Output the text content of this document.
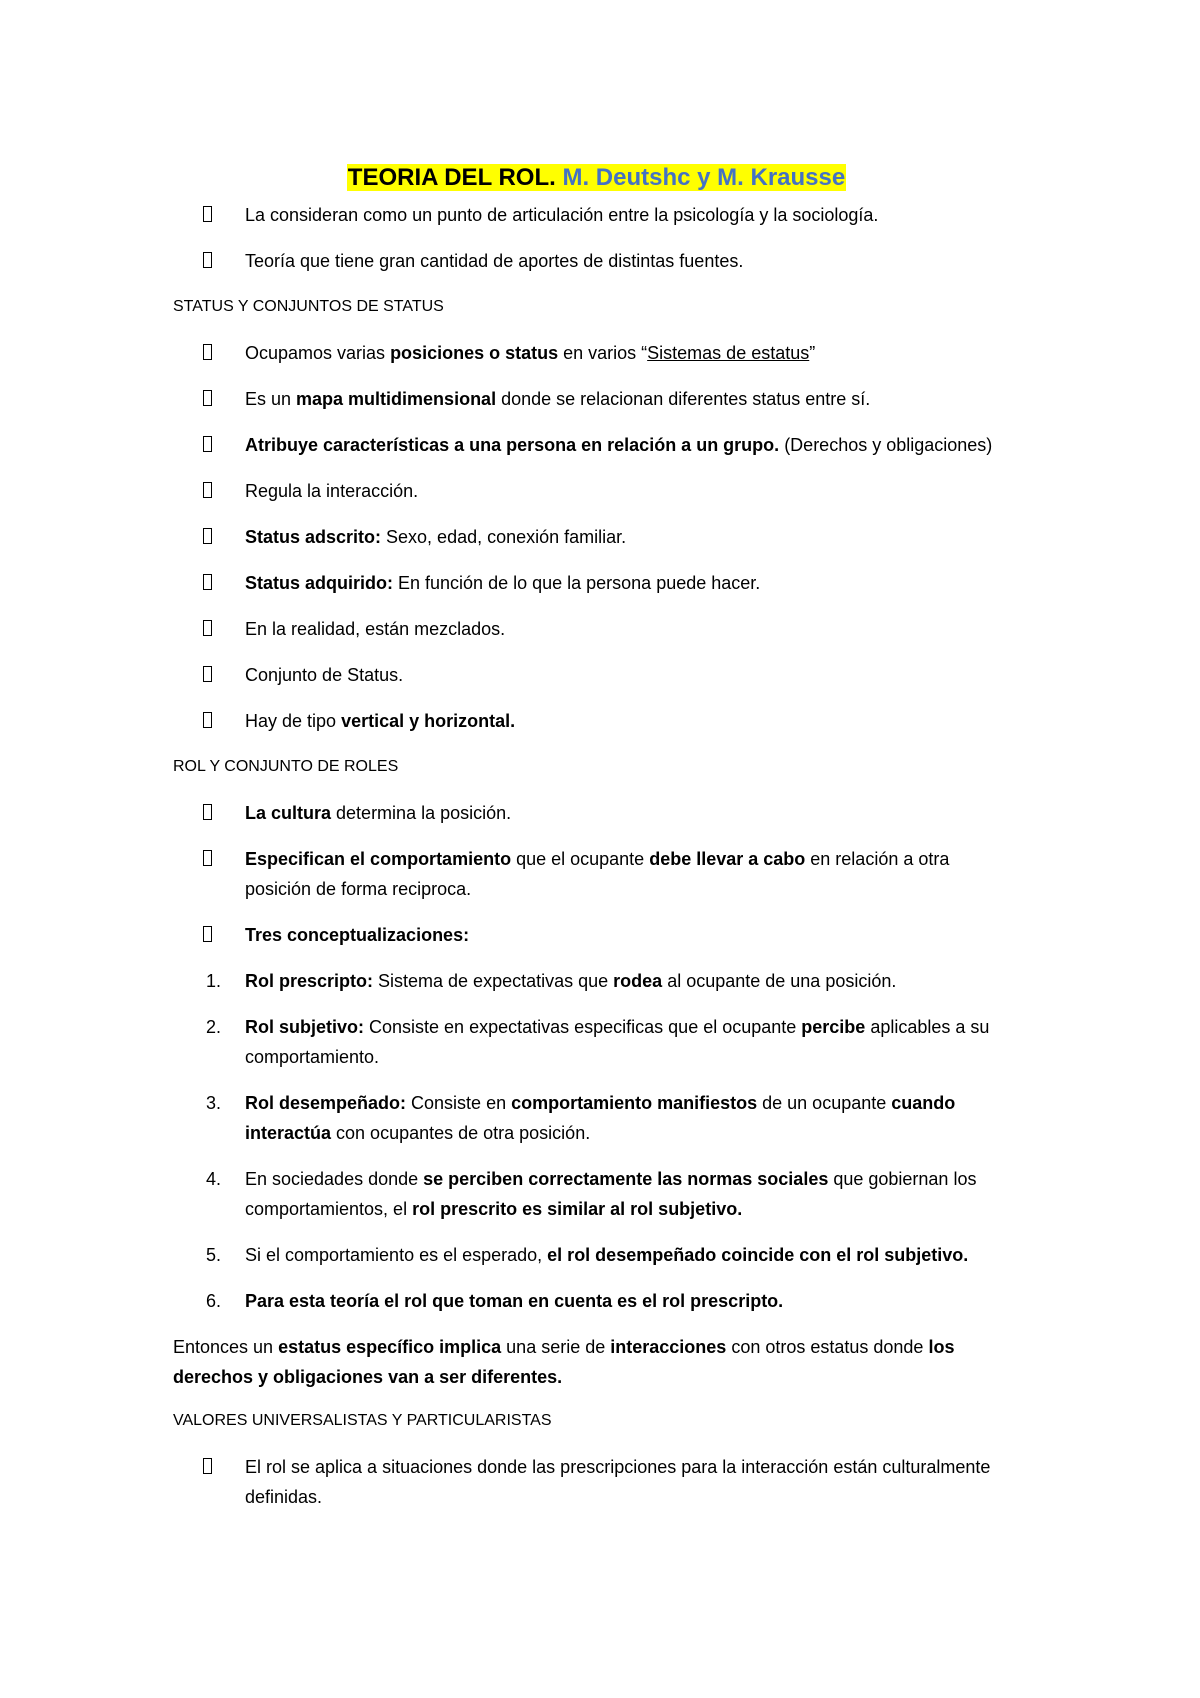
TEORIA DEL ROL. M. Deutshc y M. Krausse
La consideran como un punto de articulación entre la psicología y la sociología.
Teoría que tiene gran cantidad de aportes de distintas fuentes.
STATUS Y CONJUNTOS DE STATUS
Ocupamos varias posiciones o status en varios “Sistemas de estatus”
Es un mapa multidimensional donde se relacionan diferentes status entre sí.
Atribuye características a una persona en relación a un grupo. (Derechos y obligaciones)
Regula la interacción.
Status adscrito: Sexo, edad, conexión familiar.
Status adquirido: En función de lo que la persona puede hacer.
En la realidad, están mezclados.
Conjunto de Status.
Hay de tipo vertical y horizontal.
ROL Y CONJUNTO DE ROLES
La cultura determina la posición.
Especifican el comportamiento que el ocupante debe llevar a cabo en relación a otra posición de forma reciproca.
Tres conceptualizaciones:
1. Rol prescripto: Sistema de expectativas que rodea al ocupante de una posición.
2. Rol subjetivo: Consiste en expectativas especificas que el ocupante percibe aplicables a su comportamiento.
3. Rol desempeñado: Consiste en comportamiento manifiestos de un ocupante cuando interactúa con ocupantes de otra posición.
4. En sociedades donde se perciben correctamente las normas sociales que gobiernan los comportamientos, el rol prescrito es similar al rol subjetivo.
5. Si el comportamiento es el esperado, el rol desempeñado coincide con el rol subjetivo.
6. Para esta teoría el rol que toman en cuenta es el rol prescripto.

Entonces un estatus específico implica una serie de interacciones con otros estatus donde los derechos y obligaciones van a ser diferentes.

VALORES UNIVERSALISTAS Y PARTICULARISTAS
El rol se aplica a situaciones donde las prescripciones para la interacción están culturalmente definidas.
